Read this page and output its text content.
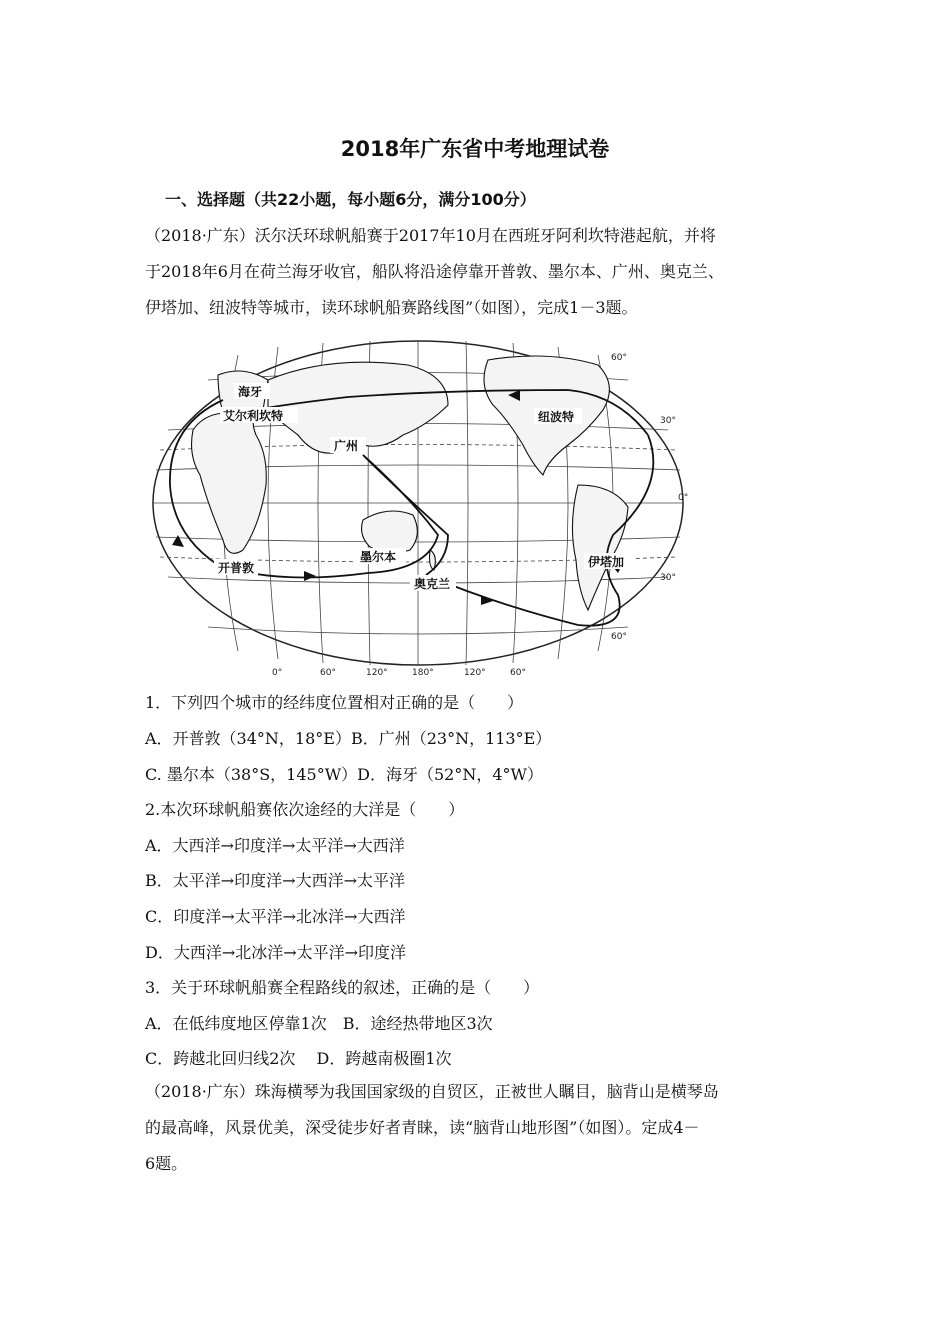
2018年广东省中考地理试卷
一、选择题（共22小题，每小题6分，满分100分）

（2018·广东）沃尔沃环球帆船赛于2017年10月在西班牙阿利坎特港起航，并将

于2018年6月在荷兰海牙收官，船队将沿途停靠开普敦、墨尔本、广州、奥克兰、

伊塔加、纽波特等城市，读环球帆船赛路线图”（如图），完成1－3题。

海牙
艾尔利坎特
广州
纽波特
开普敦
墨尔本
奥克兰
伊塔加
0°	60°	120°	180°	120°	60°
60°
30°
0°
30°
60°
1．下列四个城市的经纬度位置相对正确的是（　　）
A．开普敦（34°N，18°E）B．广州（23°N，113°E）
C. 墨尔本（38°S，145°W）D．海牙（52°N，4°W）
2.本次环球帆船赛依次途经的大洋是（　　）
A．大西洋→印度洋→太平洋→大西洋
B．太平洋→印度洋→大西洋→太平洋
C．印度洋→太平洋→北冰洋→大西洋
D．大西洋→北冰洋→太平洋→印度洋
3．关于环球帆船赛全程路线的叙述，正确的是（　　）
A．在低纬度地区停靠1次　B．途经热带地区3次
C．跨越北回归线2次　 D．跨越南极圈1次

（2018·广东）珠海横琴为我国国家级的自贸区，正被世人瞩目，脑背山是横琴岛

的最高峰，风景优美，深受徒步好者青睐，读“脑背山地形图”（如图）。定成4－

6题。
